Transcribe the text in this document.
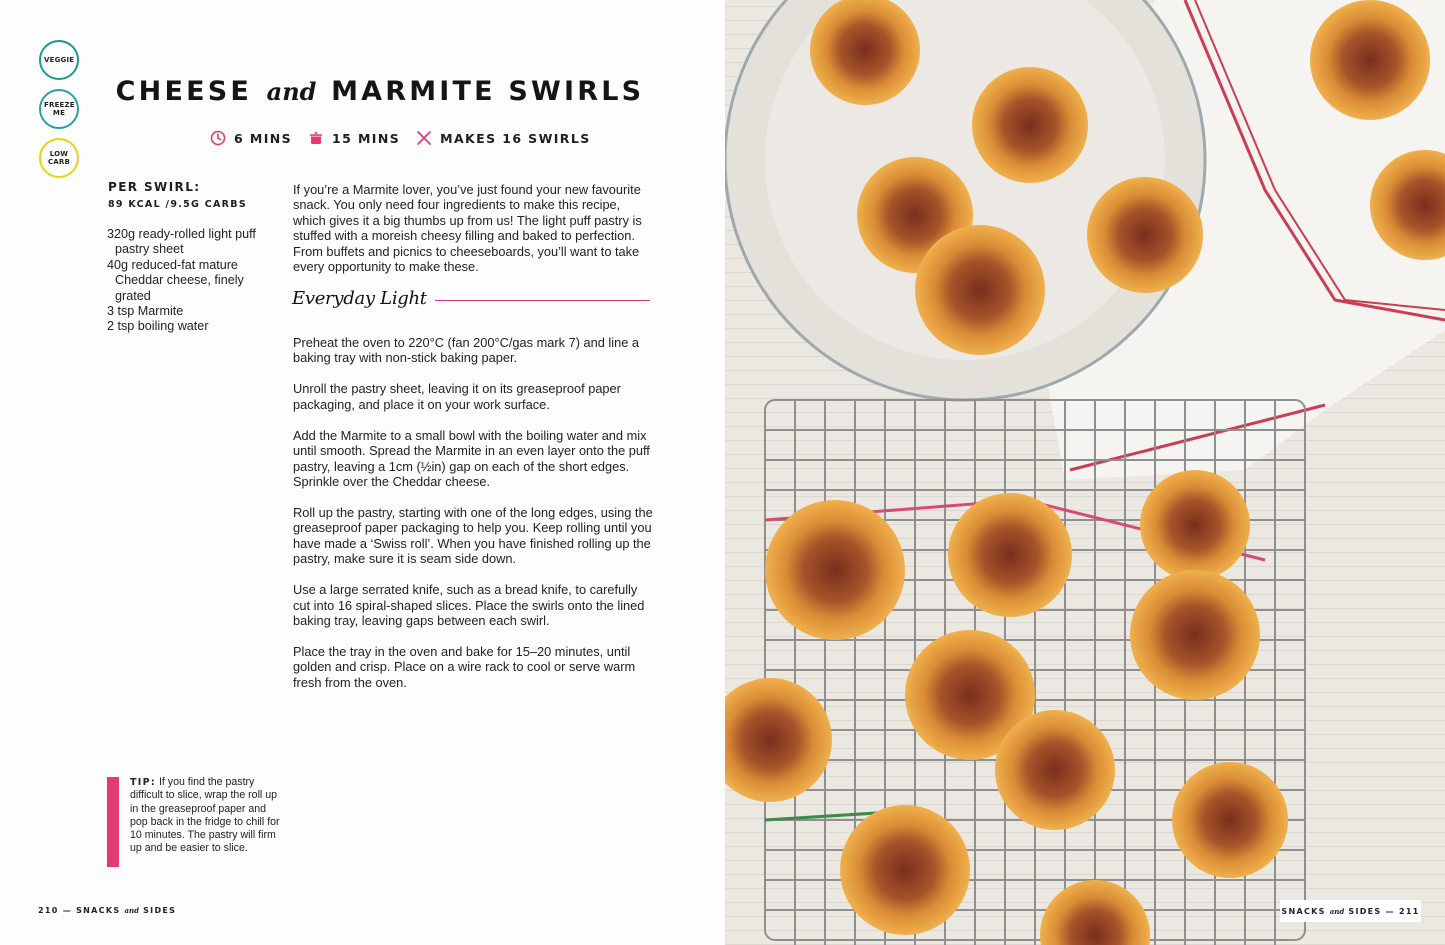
VEGGIE
FREEZE
ME
LOW
CARB
CHEESE and MARMITE SWIRLS
6 MINS	15 MINS	MAKES 16 SWIRLS
PER SWIRL:
89 KCAL /9.5G CARBS
320g ready-rolled light puff pastry sheet
40g reduced-fat mature Cheddar cheese, finely grated
3 tsp Marmite
2 tsp boiling water

If you’re a Marmite lover, you’ve just found your new favourite snack. You only need four ingredients to make this recipe, which gives it a big thumbs up from us! The light puff pastry is stuffed with a moreish cheesy filling and baked to perfection. From buffets and picnics to cheeseboards, you’ll want to take every opportunity to make these.

Everyday Light

Preheat the oven to 220°C (fan 200°C/gas mark 7) and line a baking tray with non-stick baking paper.

Unroll the pastry sheet, leaving it on its greaseproof paper packaging, and place it on your work surface.

Add the Marmite to a small bowl with the boiling water and mix until smooth. Spread the Marmite in an even layer onto the puff pastry, leaving a 1cm (½in) gap on each of the short edges. Sprinkle over the Cheddar cheese.

Roll up the pastry, starting with one of the long edges, using the greaseproof paper packaging to help you. Keep rolling until you have made a ‘Swiss roll’. When you have finished rolling up the pastry, make sure it is seam side down.

Use a large serrated knife, such as a bread knife, to carefully cut into 16 spiral-shaped slices. Place the swirls onto the lined baking tray, leaving gaps between each swirl.

Place the tray in the oven and bake for 15–20 minutes, until golden and crisp. Place on a wire rack to cool or serve warm fresh from the oven.

TIP: If you find the pastry difficult to slice, wrap the roll up in the greaseproof paper and pop back in the fridge to chill for 10 minutes. The pastry will firm up and be easier to slice.

210 — SNACKS and SIDES	SNACKS
and
SIDES
—
211
